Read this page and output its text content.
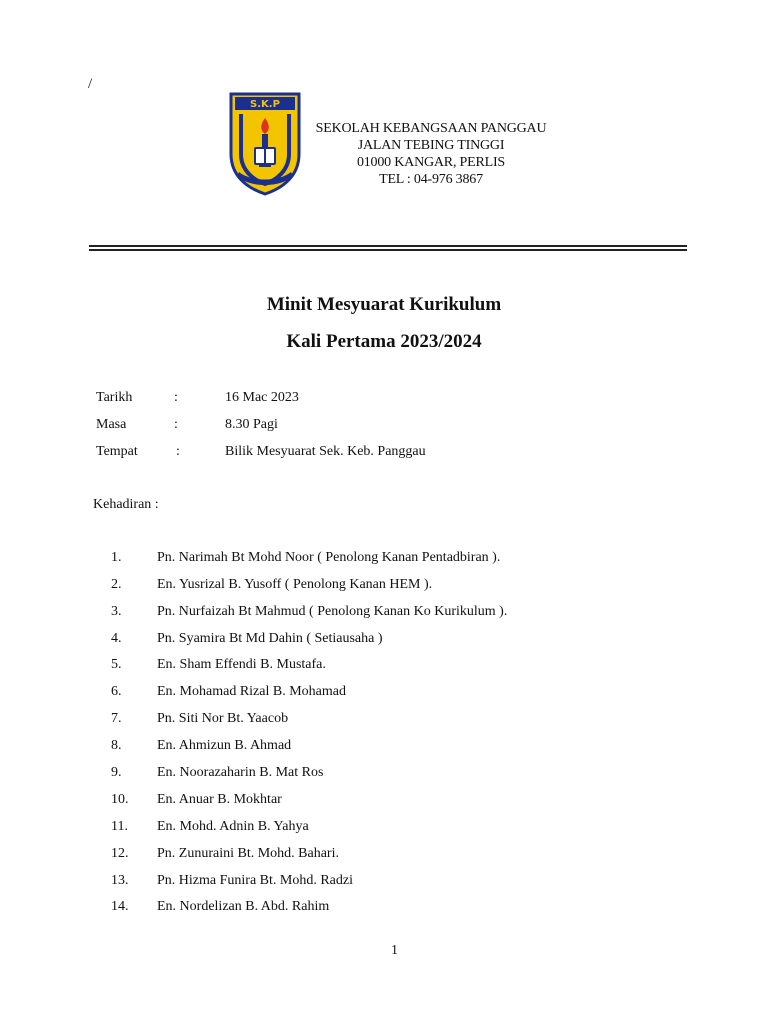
/
S.K.P
SEKOLAH KEBANGSAAN PANGGAU
JALAN TEBING TINGGI
01000 KANGAR, PERLIS
TEL : 04-976 3867
Minit Mesyuarat Kurikulum
Kali Pertama 2023/2024
Tarikh	:	16 Mac 2023
Masa	:	8.30 Pagi
Tempat	:	Bilik Mesyuarat Sek. Keb. Panggau
Kehadiran :
1.	Pn. Narimah Bt Mohd Noor ( Penolong Kanan Pentadbiran ).
2.	En. Yusrizal B. Yusoff ( Penolong Kanan HEM ).
3.	Pn. Nurfaizah Bt Mahmud ( Penolong Kanan Ko Kurikulum ).
4.	Pn. Syamira Bt Md Dahin ( Setiausaha )
5.	En. Sham Effendi B. Mustafa.
6.	En. Mohamad Rizal B. Mohamad
7.	Pn. Siti Nor Bt. Yaacob
8.	En. Ahmizun B. Ahmad
9.	En. Noorazaharin B. Mat Ros
10. En. Anuar B. Mokhtar
11. En. Mohd. Adnin B. Yahya
12. Pn. Zunuraini Bt. Mohd. Bahari.
13. Pn. Hizma Funira Bt. Mohd. Radzi
14. En. Nordelizan B. Abd. Rahim
1
